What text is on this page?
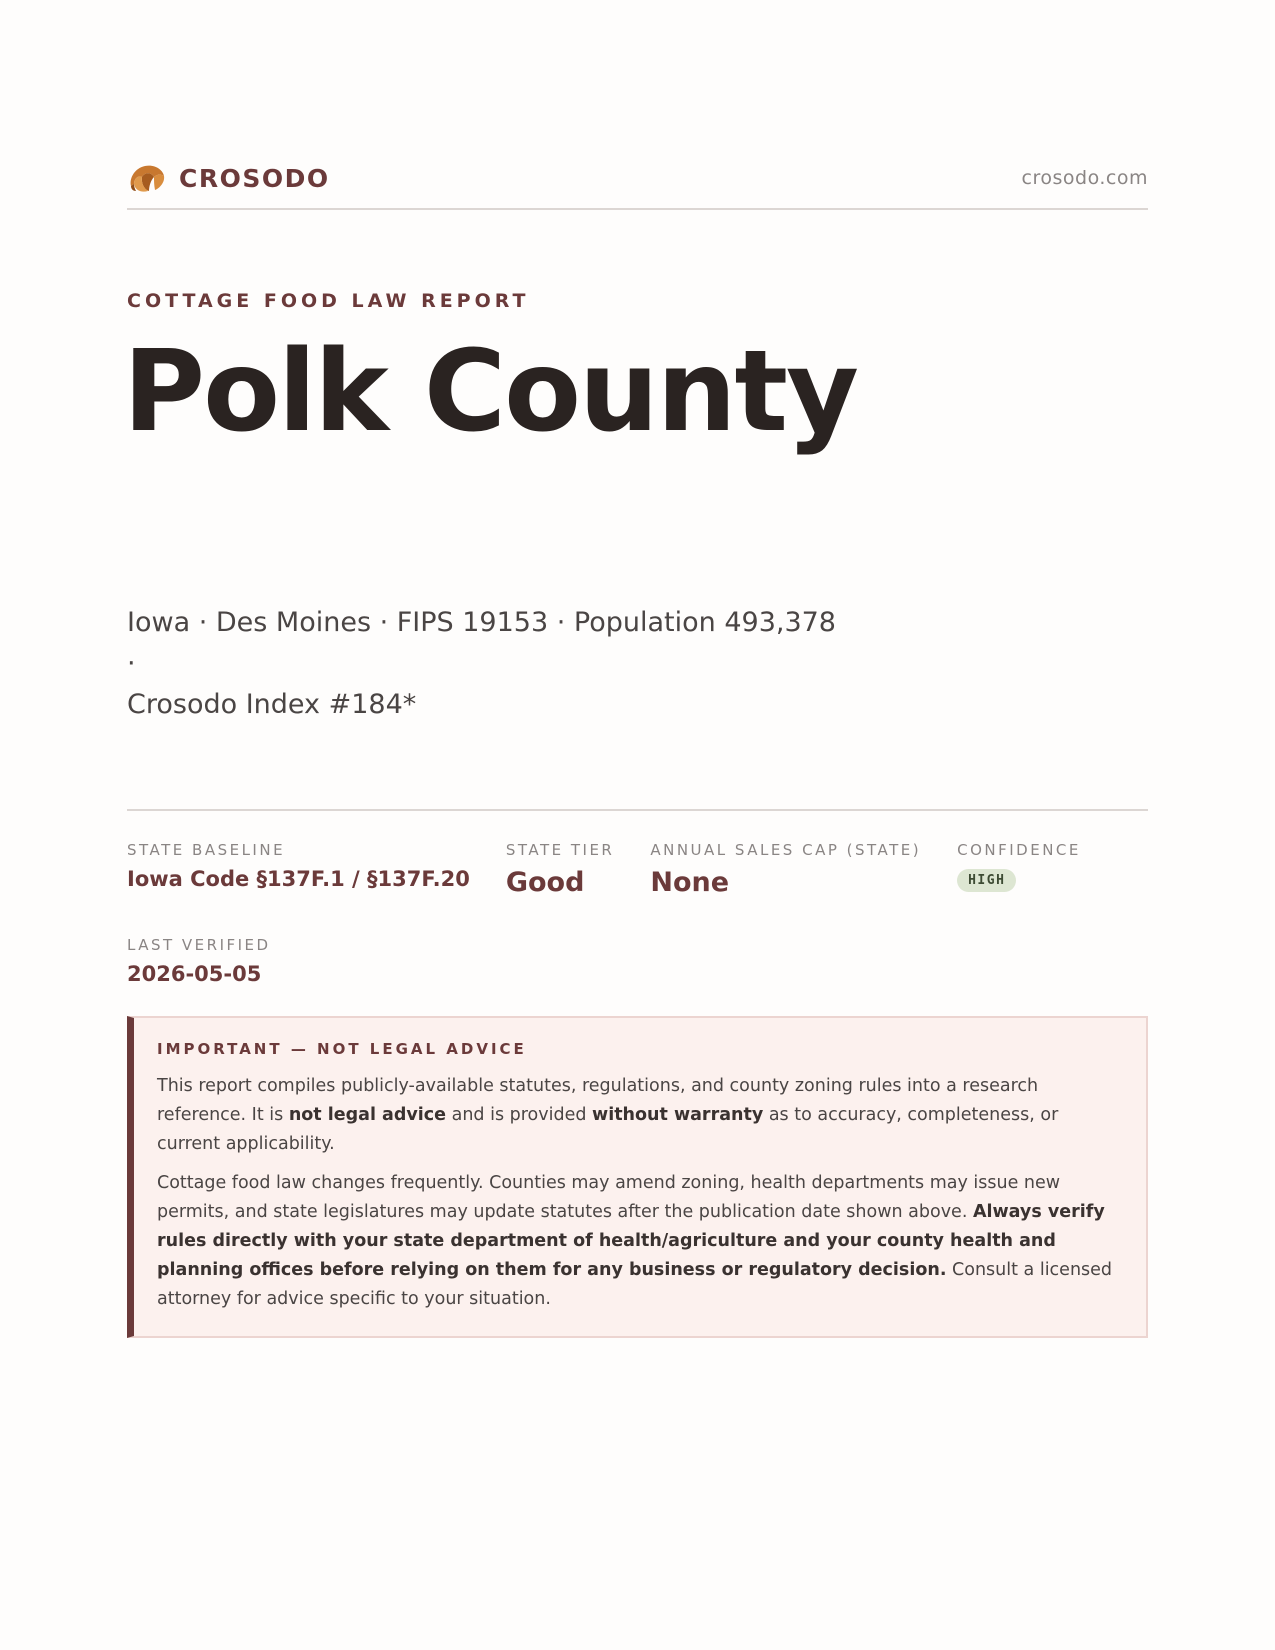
CROSODO	crosodo.com
COTTAGE FOOD LAW REPORT
Polk County
Iowa · Des Moines · FIPS 19153 · Population 493,378 ·
Crosodo Index #184*
STATE BASELINE
Iowa Code §137F.1 / §137F.20
STATE TIER
Good
ANNUAL SALES CAP (STATE)
None
CONFIDENCE
HIGH
LAST VERIFIED
2026-05-05
IMPORTANT — NOT LEGAL ADVICE

This report compiles publicly-available statutes, regulations, and county zoning rules into a research reference. It is not legal advice and is provided without warranty as to accuracy, completeness, or current applicability.

Cottage food law changes frequently. Counties may amend zoning, health departments may issue new permits, and state legislatures may update statutes after the publication date shown above. Always verify rules directly with your state department of health/agriculture and your county health and planning offices before relying on them for any business or regulatory decision. Consult a licensed attorney for advice specific to your situation.
